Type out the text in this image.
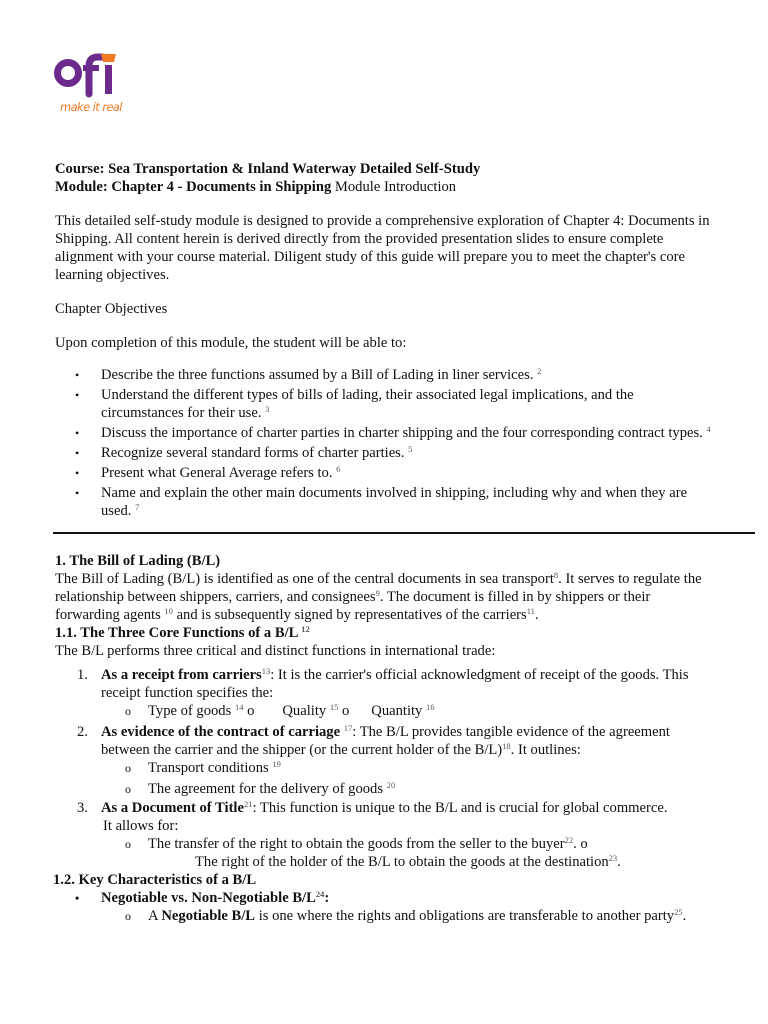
make it real

Course: Sea Transportation & Inland Waterway Detailed Self-Study

Module: Chapter 4 - Documents in Shipping Module Introduction

This detailed self-study module is designed to provide a comprehensive exploration of Chapter 4: Documents in Shipping. All content herein is derived directly from the provided presentation slides to ensure complete alignment with your course material. Diligent study of this guide will prepare you to meet the chapter's core learning objectives.

Chapter Objectives

Upon completion of this module, the student will be able to:

• Describe the three functions assumed by a Bill of Lading in liner services. $^2$
• Understand the different types of bills of lading, their associated legal implications, and the circumstances for their use. $^3$
• Discuss the importance of charter parties in charter shipping and the four corresponding contract types. $^4$
• Recognize several standard forms of charter parties. $^5$
• Present what General Average refers to. $^6$
• Name and explain the other main documents involved in shipping, including why and when they are used. $^7$

1. The Bill of Lading (B/L)

The Bill of Lading (B/L) is identified as one of the central documents in sea transport$^8$. It serves to regulate the relationship between shippers, carriers, and consignees$^9$. The document is filled in by shippers or their forwarding agents $^{10}$ and is subsequently signed by representatives of the carriers$^{11}$.

1.1. The Three Core Functions of a B/L $^{12}$

The B/L performs three critical and distinct functions in international trade:

1. As a receipt from carriers$^{13}$: It is the carrier's official acknowledgment of receipt of the goods. This receipt function specifies the:
o Type of goods $^{14}$ o Quality $^{15}$ o Quantity $^{16}$
2. As evidence of the contract of carriage $^{17}$: The B/L provides tangible evidence of the agreement between the carrier and the shipper (or the current holder of the B/L)$^{18}$. It outlines:
o Transport conditions $^{19}$
o The agreement for the delivery of goods $^{20}$
3. As a Document of Title$^{21}$: This function is unique to the B/L and is crucial for global commerce.
It allows for:
o The transfer of the right to obtain the goods from the seller to the buyer$^{22}$. o
The right of the holder of the B/L to obtain the goods at the destination$^{23}$.

1.2. Key Characteristics of a B/L

• Negotiable vs. Non-Negotiable $B/L^{24}$:
o A Negotiable B/L is one where the rights and obligations are transferable to another party$^{25}$.
